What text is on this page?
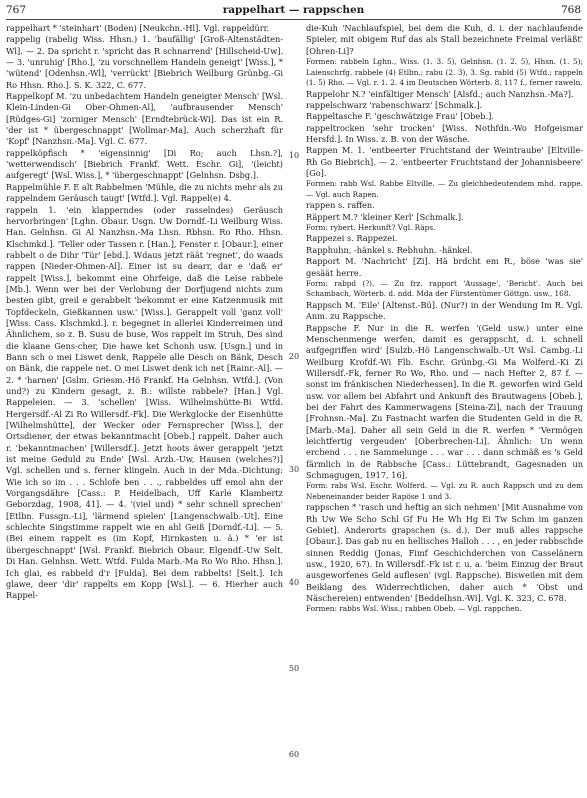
767	rappelhart — rappschen	768

rappelhart * 'steinhart' (Boden) [Neukchn.-Hl]. Vgl. rappeldürr.

rappelig (rabelig Wiss. Hhsn.) 1. 'baufällig' [Groß-Altenstädten-Wl]. — 2. Da spricht r. 'spricht das R schnarrend' [Hillscheid-Uw]. — 3. 'unruhig' [Rho.], 'zu vorschnellem Handeln geneigt' [Wiss.], * 'wütend' [Odenhsn.-Wl], 'verrückt' [Biebrich Weilburg Grünbg.-Gi Ro Hhsn. Rho.]. S. K. 322, C. 677.

Rappelkopf M. 'zu unbedachtem Handeln geneigter Mensch' [Wsl. Klein-Linden-Gi Ober-Ohmen-Al], 'aufbrausender Mensch' [Rüdges-Gi] 'zorniger Mensch' [Erndtebrück-Wi]. Das ist ein R. 'der ist * übergeschnappt' [Wollmar-Ma]. Auch scherzhaft für 'Kopf' [Nanzhsn.-Ma]. Vgl. C. 677.

rappelköpfisch * 'eigensinnig' [Di Ro; auch Lhsn.?], 'wetterwendisch' [Biebrich Frankf. Wett. Eschr. Gi], '(leicht) aufgeregt' [Wsl. Wiss.], * 'übergeschnappt' [Gelnhsn. Dsbg.].

Rappelmühle F. E alt Rabbelmen 'Mühle, die zu nichts mehr als zu rappelndem Geräusch taugt' [Wtfd.]. Vgl. Rappel(e) 4.

rappeln 1. 'ein klapperndes (oder rasselndes) Geräusch hervorbringen' [Lghn. Obaur. Usgn. Uw Dorndf.-Li Weilburg Wiss. Han. Gelnhsn. Gi Al Nanzhsn.-Ma Lhsn. Rbhsn. Ro Rho. Hhsn. Klschmkd.]. 'Teller oder Tassen r. [Han.], Fenster r. [Obaur.], einer rabbelt o de Dihr 'Tür' [ebd.]. Wdaus jetzt räät 'regnet', do waads rappen [Nieder-Ohmen-Al]. Einer ist su dearr, dar e 'daß er' rappelt [Wiss.], bekommt eine Ohrfeige, daß die Leise rabbele [Mb.]. Wenn wer bei der Verlobung der Dorfjugend nichts zum besten gibt, greil e gerabbelt 'bekommt er eine Katzenmusik mit Topfdeckeln, Gießkannen usw.' [Wiss.]. Gerappelt voll 'ganz voll' [Wiss. Cass. Klschmkd.]. r. begegnet in allerlei Kinderreimen und Ähnlichem, so z. B. Susu de buse, Wos rappelt im Struh, Des sind die klaane Gens-cher, Die hawe ket Schonh usw. [Usgn.] und in Bann sch o mei Liswet denk, Rappele alle Desch on Bänk, Desch on Bänk, die rappele net. O mei Liswet denk ich net [Rainr.-Al]. — 2. * 'harnen' [Gslm. Griesm.-Hö Frankf. Ha Gelnhsn. Wtfd.]. (Von und?) zu Kindern gesagt, z. B.: willste rabbele? [Han.] Vgl. Rappeleien. — 3. 'schellen' [Wiss. Wilhelmshütte-Bi Wtfd. Hergersdf.-Al Zi Ro Willersdf.-Fk]. Die Werkglocke der Eisenhütte [Wilhelmshütte], der Wecker oder Fernsprecher [Wiss.], der Ortsdiener, der etwas bekanntmacht [Obeb.] rappelt. Daher auch r. 'bekanntmachen' [Willersdf.]. Jetzt hoots äwer gerappelt 'jetzt ist meine Geduld zu Ende' [Wsl. Arzb.-Uw, Hausen (welches?)] Vgl. schellen und s. ferner klingeln. Auch in der Mda.-Dichtung: Wie ich so im . . . Schlofe ben . . ., rabbeldes uff emol ahn der Vorgangsdähre [Cass.: P. Heidelbach, Uff Karle Klambertz Geborzdag, 1908, 41]. — 4. '(viel und) * sehr schnell sprechen' [Etlbn. Fussgn.-Li], 'lärmend spielen' [Langenschwalb.-Ut]. Eine schlechte Singstimme rappelt wie en ahl Geiß [Dorndf.-Li]. — 5. (Bei einem rappelt es (im Kopf, Hirnkasten u. ä.) * 'er ist übergeschnappt' [Wsl. Frankf. Biebrich Obaur. Elgendf.-Uw Selt. Di Han. Gelnhsn. Wett. Wtfd. Fulda Marb.-Ma Ro Wo Rho. Hhsn.]. Ich glai, es rabbeld d'r [Fulda]. Bei dem rabbelts! [Selt.]. Ich glawe, deer 'dir' rappelts em Kopp [Wsl.]. — 6. Hierher auch Rappel-

10
20
30
40
50
60

die-Kuh 'Nachlaufspiel, bei dem die Kuh, d. i. der nachlaufende Spieler, mit obigem Ruf das als Stall bezeichnete Freimal verläßt' [Ohren-Li]?

Formen: rabbeln Lghn., Wiss. (1. 3. 5), Gelnhsn. (1. 2. 5), Hhsn. (1. 5); Laienschrfg. rabbele (4) Etlbn.; rabu (2. 3), 3. Sg. rabld (5) Wtfd.; rappeln (1. 5) Rho. — Vgl. r. 1. 2. 4 im Deutschen Wörterb. 8, 117 f., ferner raweln.

Rappelohr N.? 'einfältiger Mensch' [Alsfd.; auch Nanzhsn.-Ma?].

rappelschwarz 'rabenschwarz' [Schmalk.].

Rappeltasche F. 'geschwätzige Frau' [Obeb.].

rappeltrocken 'sehr trocken' [Wiss. Nothfdn.-Wo Hofgeismar Hersfd.]. In Wiss. z. B. von der Wäsche.

Rappen M. 1. 'entbeerter Fruchtstand der Weintraube' [Eltville-Rh Go Biebrich]. — 2. 'entbeerter Fruchtstand der Johannisbeere' [Go].

Formen: rabb Wsl. Rabbe Eltville. — Zu gleichbedeutendem mhd. rappe. — Vgl. auch Rapen.

rappen s. raffen.

Räppert M.? 'kleiner Kerl' [Schmalk.].

Form: rybert. Herkunft? Vgl. Räps.

Rappezei s. Rappezei.

Rapphuhn, -hänkel s. Rebhuhn. -hänkel.

Rapport M. 'Nachricht' [Zi]. Hä brdcht em R., böse 'was sie' gesäät herre.

Form: rabpd (?). — Zu frz. rapport 'Aussage', 'Bericht'. Auch bei Schambach, Wörterb. d. ndd. Mda der Fürstentümer Göttgn. usw., 168.

Rappsch M. 'Eile' [Altenst.-Bü]. (Nur?) in der Wendung Im R. Vgl. Anm. zu Rappsche.

Rappsche F. Nur in die R. werfen '(Geld usw.) unter eine Menschenmenge werfen, damit es gerappscht, d. i. schnell aufgegriffen wird' [Sulzb.-Hö Langenschwalb.-Ut Wsl. Cambg.-Li Weilburg Krofdf.-Wi Flb. Eschr. Grünbg.-Gi Ma Wolferd.-Ki Zi Willersdf.-Fk, ferner Ro Wo, Rho. und — nach Hefter 2, 87 f. — sonst im fränkischen Niederhessen]. In die R. geworfen wird Geld usw. vor allem bei Abfahrt und Ankunft des Brautwagens [Obeb.], bei der Fahrt des Kammerwagens [Steina-Zi], nach der Trauung [Frohnsn.-Ma]. Zu Fastnacht warfen die Studenten Geld in die R. [Marb.-Ma]. Daher all sein Geld in die R. werfen * 'Vermögen leichtfertig vergeuden' [Oberbrechen-Li]. Ähnlich: Un wenn erchend . . . ne Sammelunge . . . war . . . dann schmäß es 's Geld färmlich in de Rabbsche [Cass.: Lüttebrandt, Gagesnaden un Schmagugen, 1917, 16].

Form: rabs Wsl. Eschr. Wolferd. — Vgl. zu R. auch Rappsch und zu dem Nebeneinander beider Rapöse 1 und 3.

rappschen * 'rasch und heftig an sich nehmen' [Mit Ausnahme von Rh Uw We Scho Schl Gf Fu He Wh Hg Ei Tw Schm im ganzen Gebiet]. Anderorts grapschen (s. d.). Der muß alles rappsche [Obaur.]. Das gab nu en hellisches Halloh . . . , en jeder rabbschde sinnen Reddig (Jonas, Fimf Geschichderchen von Casselänern usw., 1920, 67). In Willersdf.-Fk ist r. u. a. 'beim Einzug der Braut ausgeworfenes Geld auflesen' (vgl. Rappsche). Bisweilen mit dem Beiklang des Widerrechtlichen, daher auch * 'Obst und Näschereien) entwenden' [Beddelhsn.-Wi]. Vgl. K. 323, C. 678.

Formen: rabbs Wsl. Wiss.; rabben Obeb. — Vgl. rappchen.
